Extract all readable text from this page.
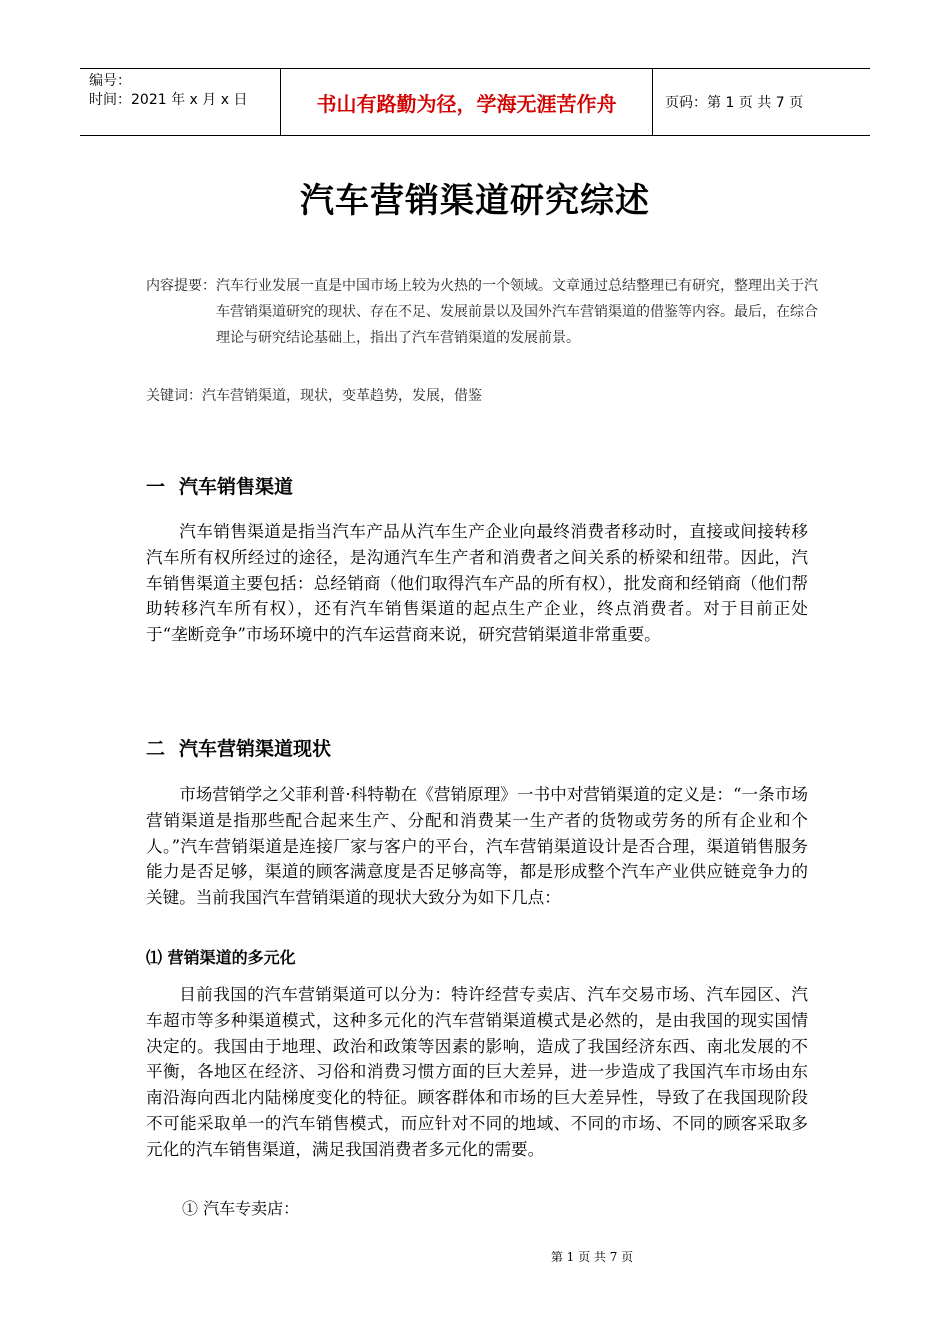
编号：
时间：2021 年 x 月 x 日	书山有路勤为径，学海无涯苦作舟	页码：第 1 页 共 7 页
汽车营销渠道研究综述
内容提要： 汽车行业发展一直是中国市场上较为火热的一个领域。文章通过总结整理已有研究，整理出关于汽车营销渠道研究的现状、存在不足、发展前景以及国外汽车营销渠道的借鉴等内容。最后，在综合理论与研究结论基础上，指出了汽车营销渠道的发展前景。
关键词：汽车营销渠道，现状，变革趋势，发展，借鉴
一 汽车销售渠道
汽车销售渠道是指当汽车产品从汽车生产企业向最终消费者移动时，直接或间接转移汽车所有权所经过的途径，是沟通汽车生产者和消费者之间关系的桥梁和纽带。因此，汽车销售渠道主要包括：总经销商（他们取得汽车产品的所有权），批发商和经销商（他们帮助转移汽车所有权），还有汽车销售渠道的起点生产企业，终点消费者。对于目前正处于“垄断竞争”市场环境中的汽车运营商来说，研究营销渠道非常重要。
二 汽车营销渠道现状
市场营销学之父菲利普·科特勒在《营销原理》一书中对营销渠道的定义是：“一条市场营销渠道是指那些配合起来生产、分配和消费某一生产者的货物或劳务的所有企业和个人。”汽车营销渠道是连接厂家与客户的平台，汽车营销渠道设计是否合理，渠道销售服务能力是否足够，渠道的顾客满意度是否足够高等，都是形成整个汽车产业供应链竞争力的关键。当前我国汽车营销渠道的现状大致分为如下几点：
⑴ 营销渠道的多元化
目前我国的汽车营销渠道可以分为：特许经营专卖店、汽车交易市场、汽车园区、汽车超市等多种渠道模式，这种多元化的汽车营销渠道模式是必然的，是由我国的现实国情决定的。我国由于地理、政治和政策等因素的影响，造成了我国经济东西、南北发展的不平衡，各地区在经济、习俗和消费习惯方面的巨大差异，进一步造成了我国汽车市场由东南沿海向西北内陆梯度变化的特征。顾客群体和市场的巨大差异性，导致了在我国现阶段不可能采取单一的汽车销售模式，而应针对不同的地域、不同的市场、不同的顾客采取多元化的汽车销售渠道，满足我国消费者多元化的需要。
① 汽车专卖店：
第 1 页 共 7 页
